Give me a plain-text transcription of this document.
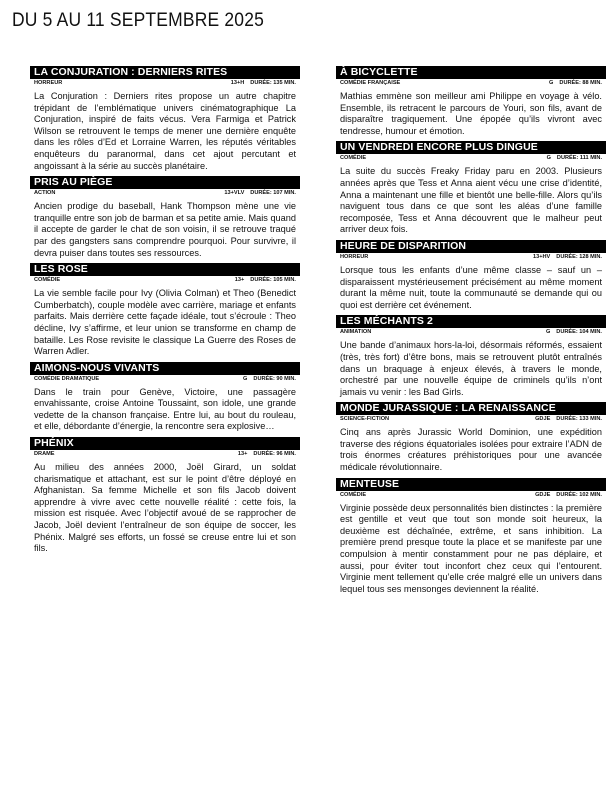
DU 5 AU 11 SEPTEMBRE 2025
LA CONJURATION : DERNIERS RITES
HORREUR	13+H DURÉE: 135 MIN.

La Conjuration : Derniers rites propose un autre chapitre trépidant de l’emblématique univers cinématographique La Conjuration, inspiré de faits vécus. Vera Farmiga et Patrick Wilson se retrouvent le temps de mener une dernière enquête dans les rôles d’Ed et Lorraine Warren, les réputés véritables enquêteurs du paranormal, dans cet ajout percutant et angoissant à la série au succès planétaire.

PRIS AU PIÈGE
ACTION	13+VLV DURÉE: 107 MIN.

Ancien prodige du baseball, Hank Thompson mène une vie tranquille entre son job de barman et sa petite amie. Mais quand il accepte de garder le chat de son voisin, il se retrouve traqué par des gangsters sans comprendre pourquoi. Pour survivre, il devra puiser dans toutes ses ressources.

LES ROSE
COMÉDIE	13+ DURÉE: 105 MIN.

La vie semble facile pour Ivy (Olivia Colman) et Theo (Benedict Cumberbatch), couple modèle avec carrière, mariage et enfants parfaits. Mais derrière cette façade idéale, tout s’écroule : Theo décline, Ivy s’affirme, et leur union se transforme en champ de bataille. Les Rose revisite le classique La Guerre des Roses de Warren Adler.

AIMONS-NOUS VIVANTS
COMÉDIE DRAMATIQUE	G DURÉE: 90 MIN.

Dans le train pour Genève, Victoire, une passagère envahissante, croise Antoine Toussaint, son idole, une grande vedette de la chanson française. Entre lui, au bout du rouleau, et elle, débordante d’énergie, la rencontre sera explosive…

PHÉNIX
DRAME	13+ DURÉE: 96 MIN.

Au milieu des années 2000, Joël Girard, un soldat charismatique et attachant, est sur le point d’être déployé en Afghanistan. Sa femme Michelle et son fils Jacob doivent apprendre à vivre avec cette nouvelle réalité : cette fois, la mission est risquée. Avec l’objectif avoué de se rapprocher de Jacob, Joël devient l’entraîneur de son équipe de soccer, les Phénix. Malgré ses efforts, un fossé se creuse entre lui et son fils.

À BICYCLETTE
COMÉDIE FRANÇAISE	G DURÉE: 88 MIN.

Mathias emmène son meilleur ami Philippe en voyage à vélo. Ensemble, ils retracent le parcours de Youri, son fils, avant de disparaître tragiquement. Une épopée qu’ils vivront avec tendresse, humour et émotion.

UN VENDREDI ENCORE PLUS DINGUE
COMÉDIE	G DURÉE: 111 MIN.

La suite du succès Freaky Friday paru en 2003. Plusieurs années après que Tess et Anna aient vécu une crise d’identité, Anna a maintenant une fille et bientôt une belle-fille. Alors qu’ils naviguent tous dans ce que sont les aléas d’une famille recomposée, Tess et Anna découvrent que le malheur peut arriver deux fois.

HEURE DE DISPARITION
HORREUR	13+HV DURÉE: 128 MIN.

Lorsque tous les enfants d’une même classe – sauf un – disparaissent mystérieusement précisément au même moment durant la même nuit, toute la communauté se demande qui ou quoi est derrière cet événement.

LES MÉCHANTS 2
ANIMATION	G DURÉE: 104 MIN.

Une bande d’animaux hors-la-loi, désormais réformés, essaient (très, très fort) d’être bons, mais se retrouvent plutôt entraînés dans un braquage à enjeux élevés, à travers le monde, orchestré par une nouvelle équipe de criminels qu’ils n’ont jamais vu venir : les Bad Girls.

MONDE JURASSIQUE : LA RENAISSANCE
SCIENCE-FICTION	GDJE DURÉE: 133 MIN.

Cinq ans après Jurassic World Dominion, une expédition traverse des régions équatoriales isolées pour extraire l’ADN de trois énormes créatures préhistoriques pour une avancée médicale révolutionnaire.

MENTEUSE
COMÉDIE	GDJE DURÉE: 102 MIN.

Virginie possède deux personnalités bien distinctes : la première est gentille et veut que tout son monde soit heureux, la deuxième est déchaînée, extrême, et sans inhibition. La première prend presque toute la place et se manifeste par une compulsion à mentir constamment pour ne pas déplaire, et aussi, pour éviter tout inconfort chez ceux qui l’entourent. Virginie ment tellement qu’elle crée malgré elle un univers dans lequel tous ses mensonges deviennent la réalité.
